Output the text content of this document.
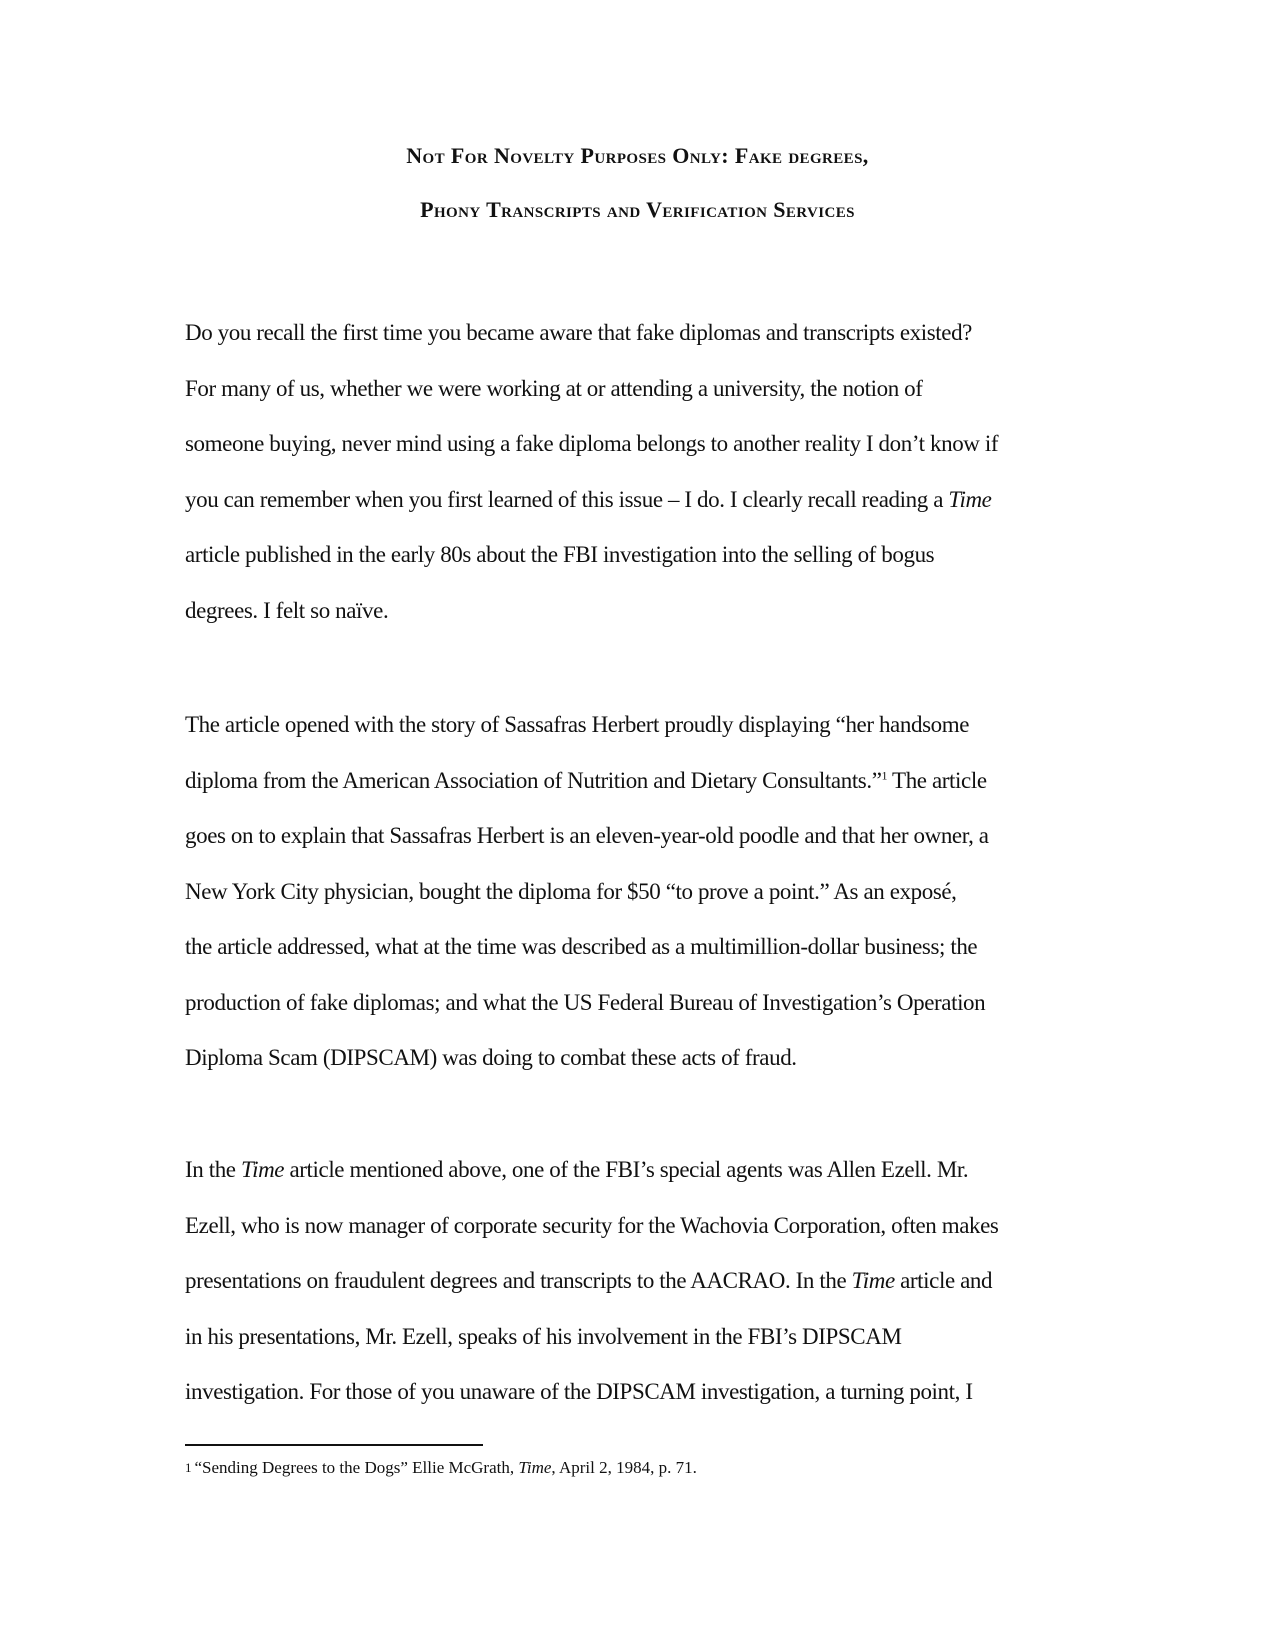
Not For Novelty Purposes Only: Fake degrees,
Phony Transcripts and Verification Services
Do you recall the first time you became aware that fake diplomas and transcripts existed?
For many of us, whether we were working at or attending a university, the notion of
someone buying, never mind using a fake diploma belongs to another reality I don’t know if
you can remember when you first learned of this issue – I do. I clearly recall reading a Time
article published in the early 80s about the FBI investigation into the selling of bogus
degrees. I felt so naïve.
The article opened with the story of Sassafras Herbert proudly displaying “her handsome
diploma from the American Association of Nutrition and Dietary Consultants.”$^1$ The article
goes on to explain that Sassafras Herbert is an eleven-year-old poodle and that her owner, a
New York City physician, bought the diploma for $50 “to prove a point.” As an exposé,
the article addressed, what at the time was described as a multimillion-dollar business; the
production of fake diplomas; and what the US Federal Bureau of Investigation’s Operation
Diploma Scam (DIPSCAM) was doing to combat these acts of fraud.
In the Time article mentioned above, one of the FBI’s special agents was Allen Ezell. Mr.
Ezell, who is now manager of corporate security for the Wachovia Corporation, often makes
presentations on fraudulent degrees and transcripts to the AACRAO. In the Time article and
in his presentations, Mr. Ezell, speaks of his involvement in the FBI’s DIPSCAM
investigation. For those of you unaware of the DIPSCAM investigation, a turning point, I
1 “Sending Degrees to the Dogs” Ellie McGrath, Time, April 2, 1984, p. 71.
